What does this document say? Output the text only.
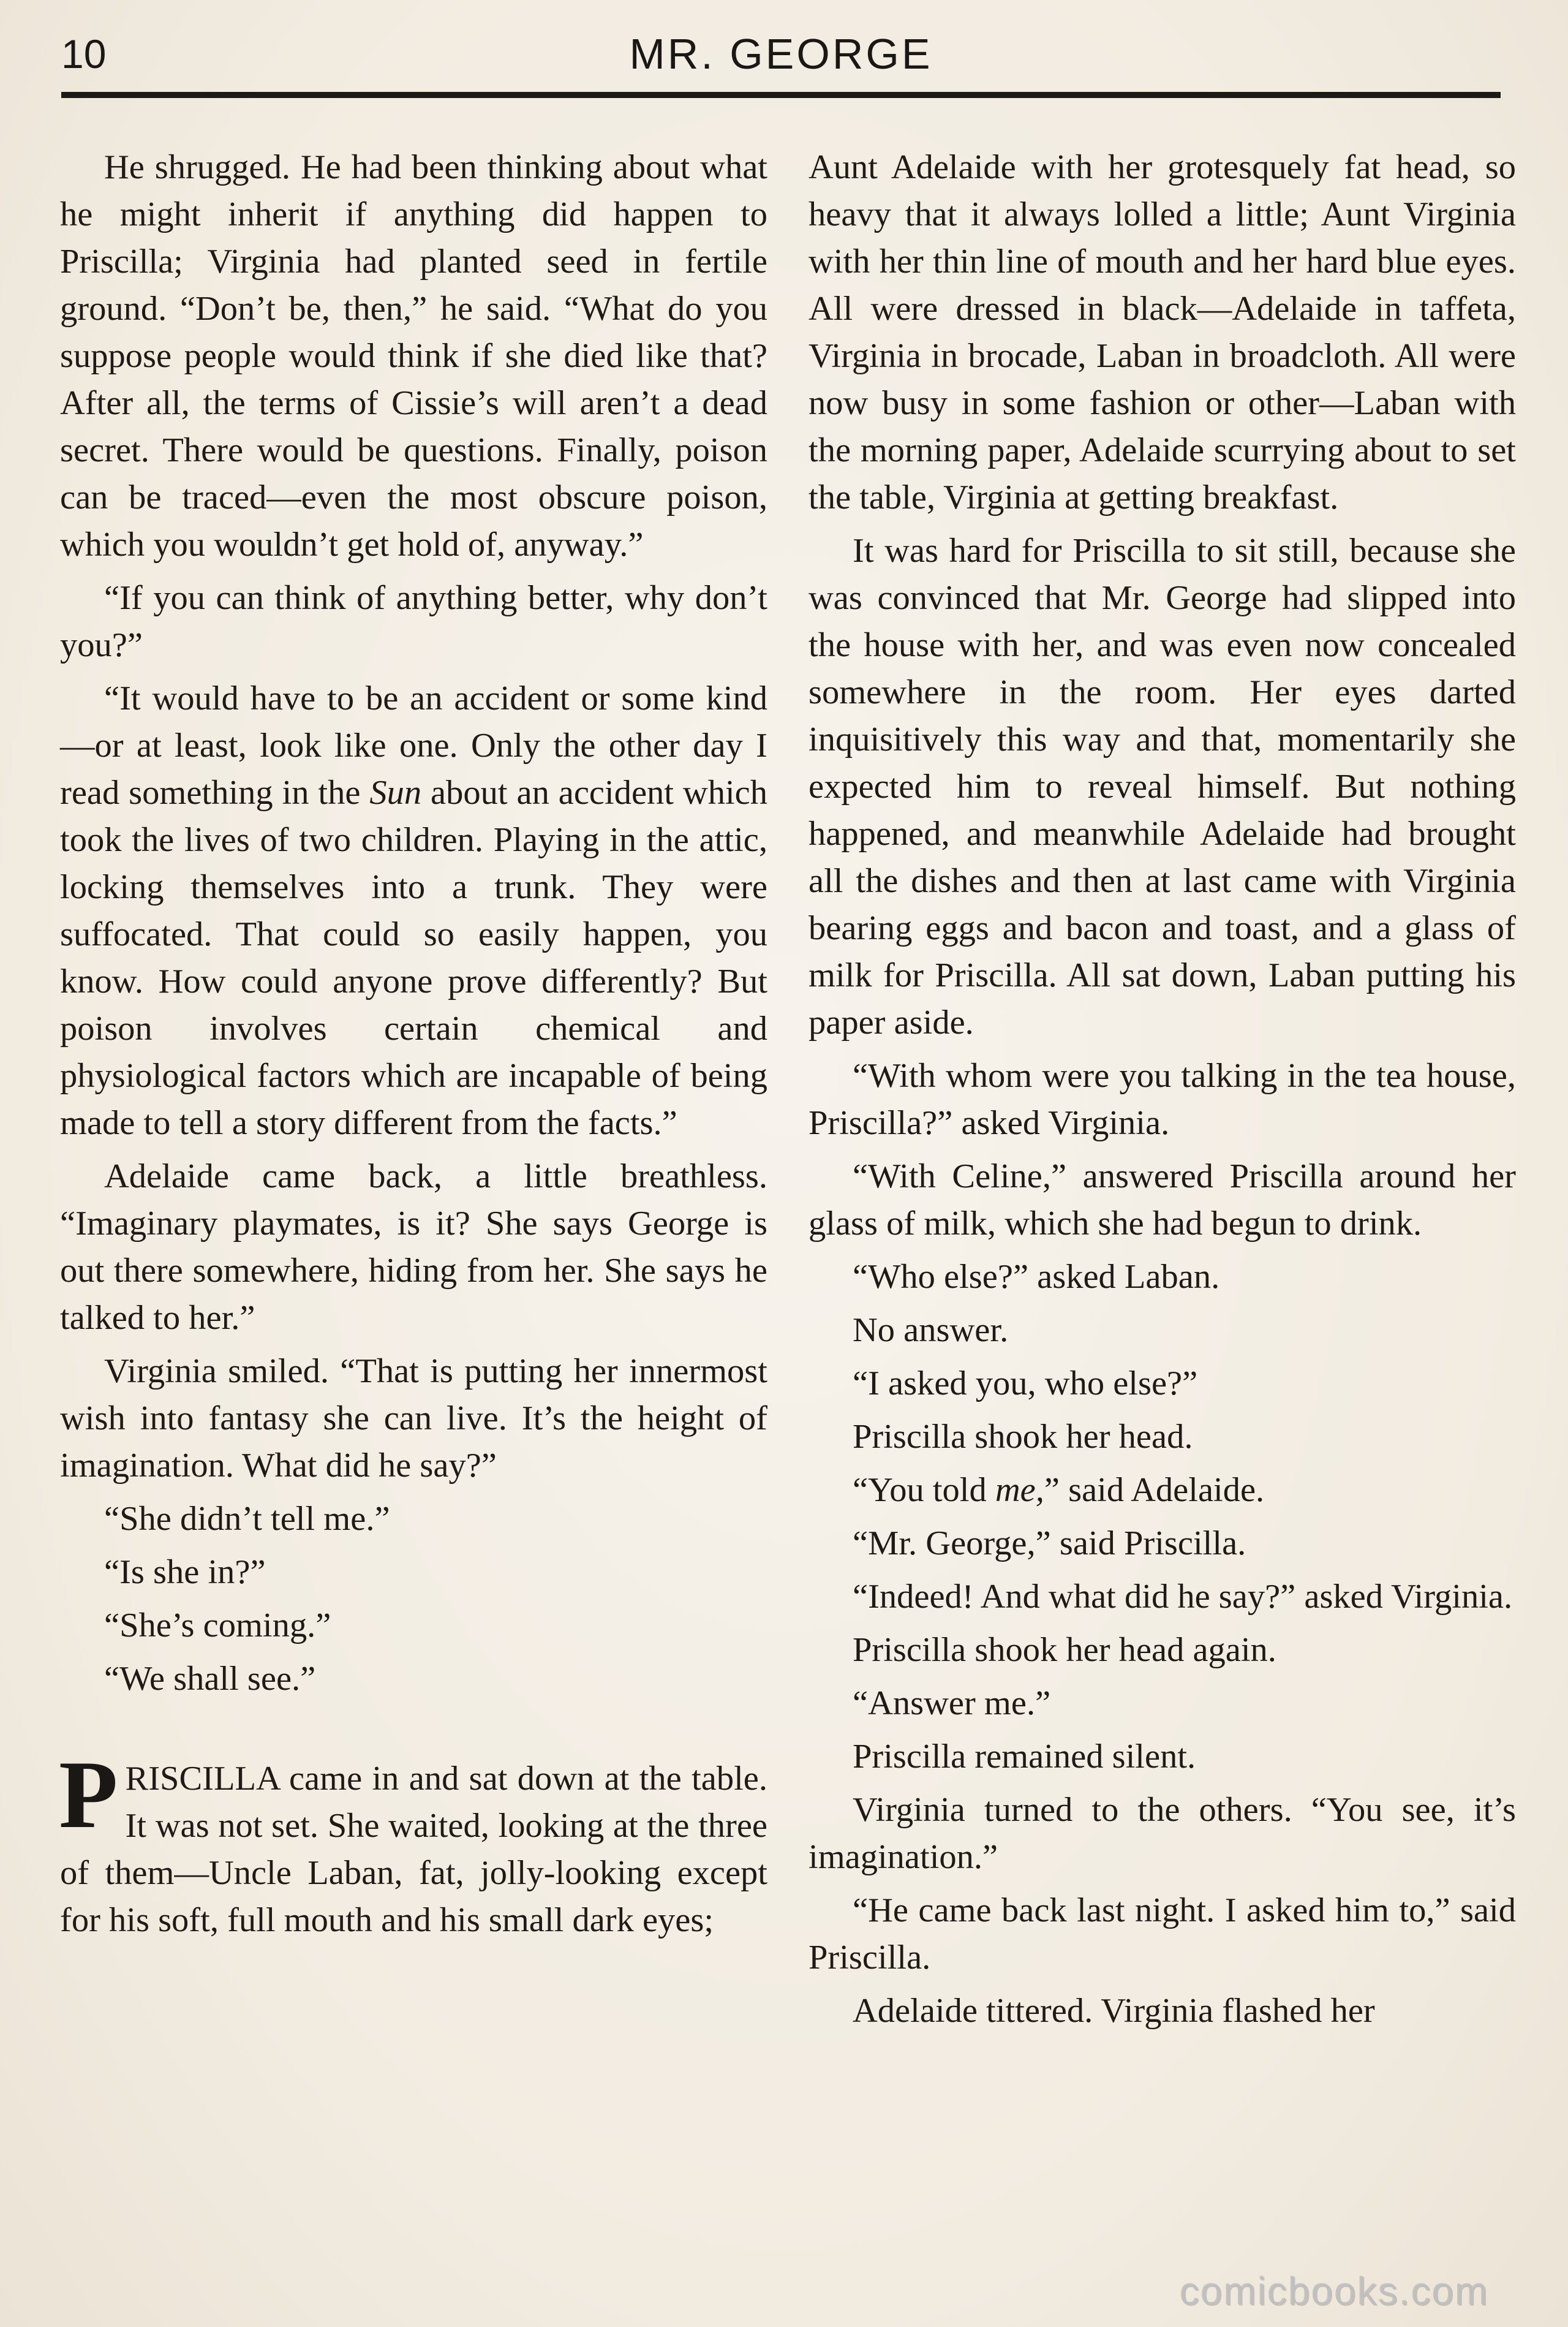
10	MR. GEORGE

He shrugged. He had been thinking about what he might inherit if anything did happen to Priscilla; Virginia had planted seed in fertile ground. “Don’t be, then,” he said. “What do you suppose people would think if she died like that? After all, the terms of Cissie’s will aren’t a dead secret. There would be questions. Finally, poison can be traced—even the most obscure poison, which you wouldn’t get hold of, anyway.”

“If you can think of anything better, why don’t you?”

“It would have to be an accident or some kind—or at least, look like one. Only the other day I read something in the Sun about an accident which took the lives of two children. Playing in the attic, locking themselves into a trunk. They were suffocated. That could so easily happen, you know. How could anyone prove differently? But poison involves certain chemical and physiological factors which are incapable of being made to tell a story different from the facts.”

Adelaide came back, a little breathless. “Imaginary playmates, is it? She says George is out there somewhere, hiding from her. She says he talked to her.”

Virginia smiled. “That is putting her innermost wish into fantasy she can live. It’s the height of imagination. What did he say?”

“She didn’t tell me.”

“Is she in?”

“She’s coming.”

“We shall see.”

PRISCILLA came in and sat down at the table. It was not set. She waited, looking at the three of them—Uncle Laban, fat, jolly-looking except for his soft, full mouth and his small dark eyes;

Aunt Adelaide with her grotesquely fat head, so heavy that it always lolled a little; Aunt Virginia with her thin line of mouth and her hard blue eyes. All were dressed in black—Adelaide in taffeta, Virginia in brocade, Laban in broadcloth. All were now busy in some fashion or other—Laban with the morning paper, Adelaide scurrying about to set the table, Virginia at getting breakfast.

It was hard for Priscilla to sit still, because she was convinced that Mr. George had slipped into the house with her, and was even now concealed somewhere in the room. Her eyes darted inquisitively this way and that, momentarily she expected him to reveal himself. But nothing happened, and meanwhile Adelaide had brought all the dishes and then at last came with Virginia bearing eggs and bacon and toast, and a glass of milk for Priscilla. All sat down, Laban putting his paper aside.

“With whom were you talking in the tea house, Priscilla?” asked Virginia.

“With Celine,” answered Priscilla around her glass of milk, which she had begun to drink.

“Who else?” asked Laban.

No answer.

“I asked you, who else?”

Priscilla shook her head.

“You told me,” said Adelaide.

“Mr. George,” said Priscilla.

“Indeed! And what did he say?” asked Virginia.

Priscilla shook her head again.

“Answer me.”

Priscilla remained silent.

Virginia turned to the others. “You see, it’s imagination.”

“He came back last night. I asked him to,” said Priscilla.

Adelaide tittered. Virginia flashed her

comicbooks.com
